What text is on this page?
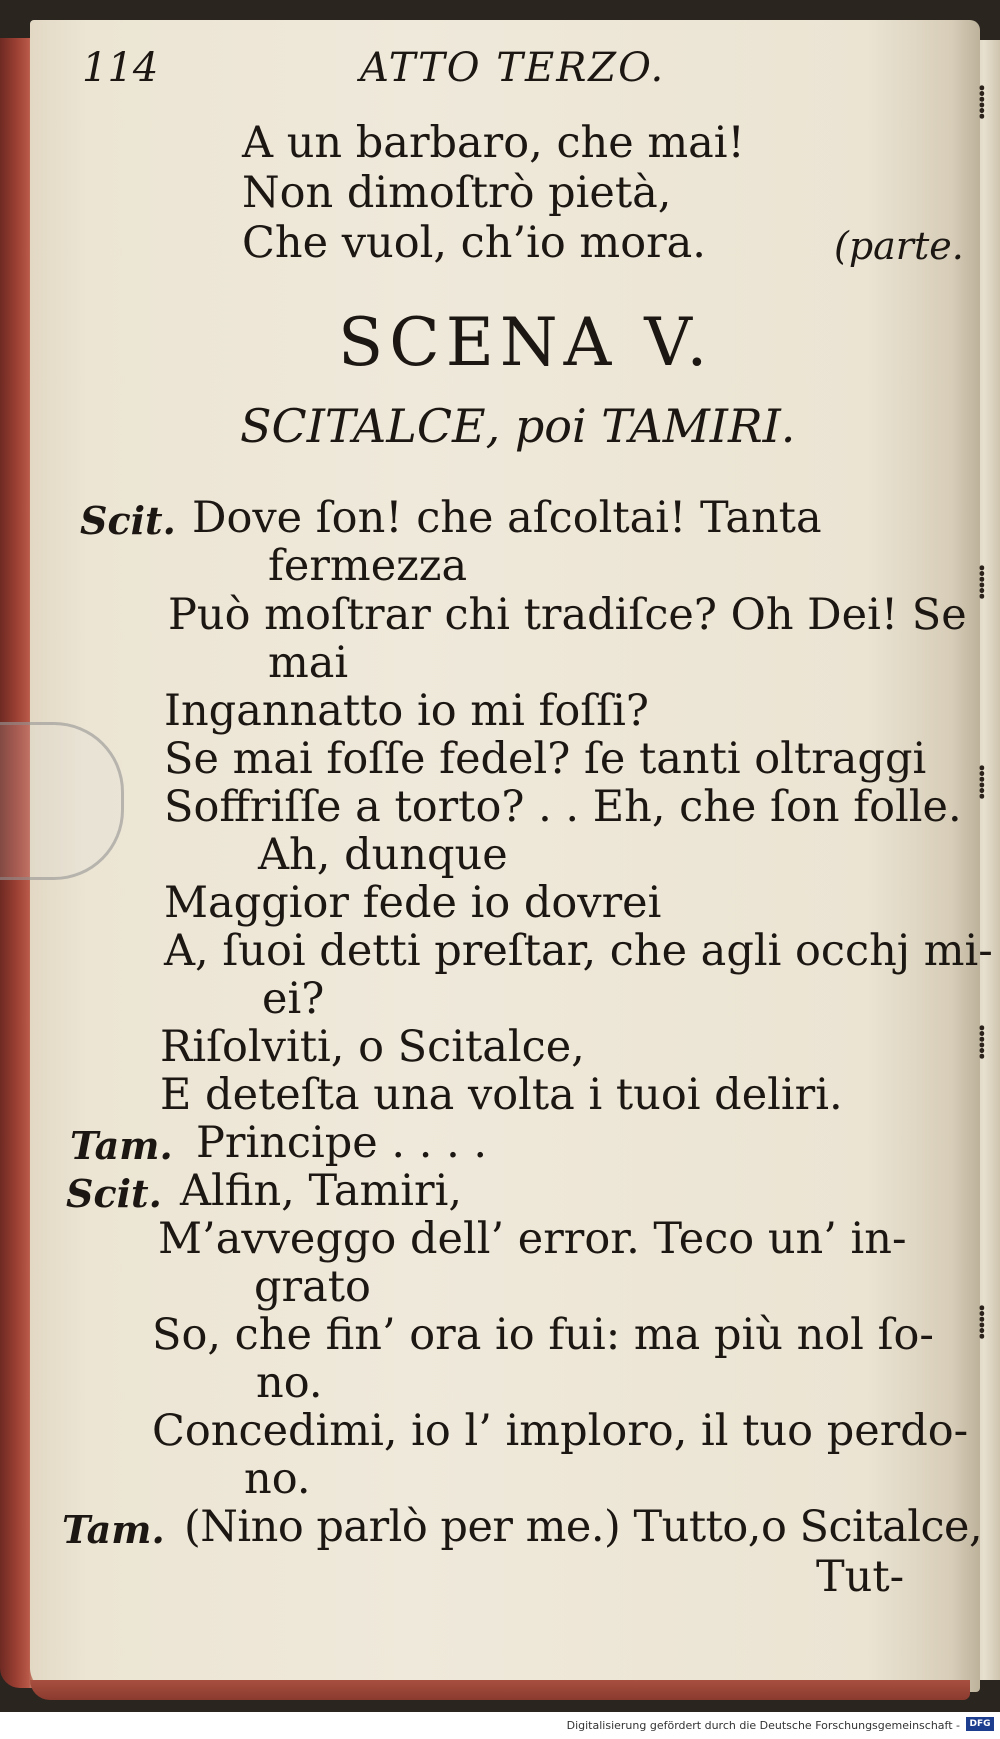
114	ATTO TERZO.
A un barbaro, che mai!
Non dimoſtrò pietà,
Che vuol, ch’io mora.	(parte.
SCENA V.
SCITALCE, poi TAMIRI.
Scit. Dove ſon! che aſcoltai! Tanta
fermezza
Può moſtrar chi tradiſce? Oh Dei! Se
mai
Ingannatto io mi foſſi?
Se mai foſſe fedel? ſe tanti oltraggi
Soffriſſe a torto? . . Eh, che ſon folle.
Ah, dunque
Maggior fede io dovrei
A, ſuoi detti preſtar, che agli occhj mi-
ei?
Riſolviti, o Scitalce,
E deteſta una volta i tuoi deliri.
Tam. Principe . . . .
Scit. Alfin, Tamiri,
M’avveggo dell’ error. Teco un’ in-
grato
So, che fin’ ora io fui: ma più nol ſo-
no.
Concedimi, io l’ imploro, il tuo perdo-
no.
Tam. (Nino parlò per me.) Tutto,o Scitalce,
Tut-
⸽
⸽
⸽
⸽
⸽
Digitalisierung gefördert durch die Deutsche Forschungsgemeinschaft -	DFG
